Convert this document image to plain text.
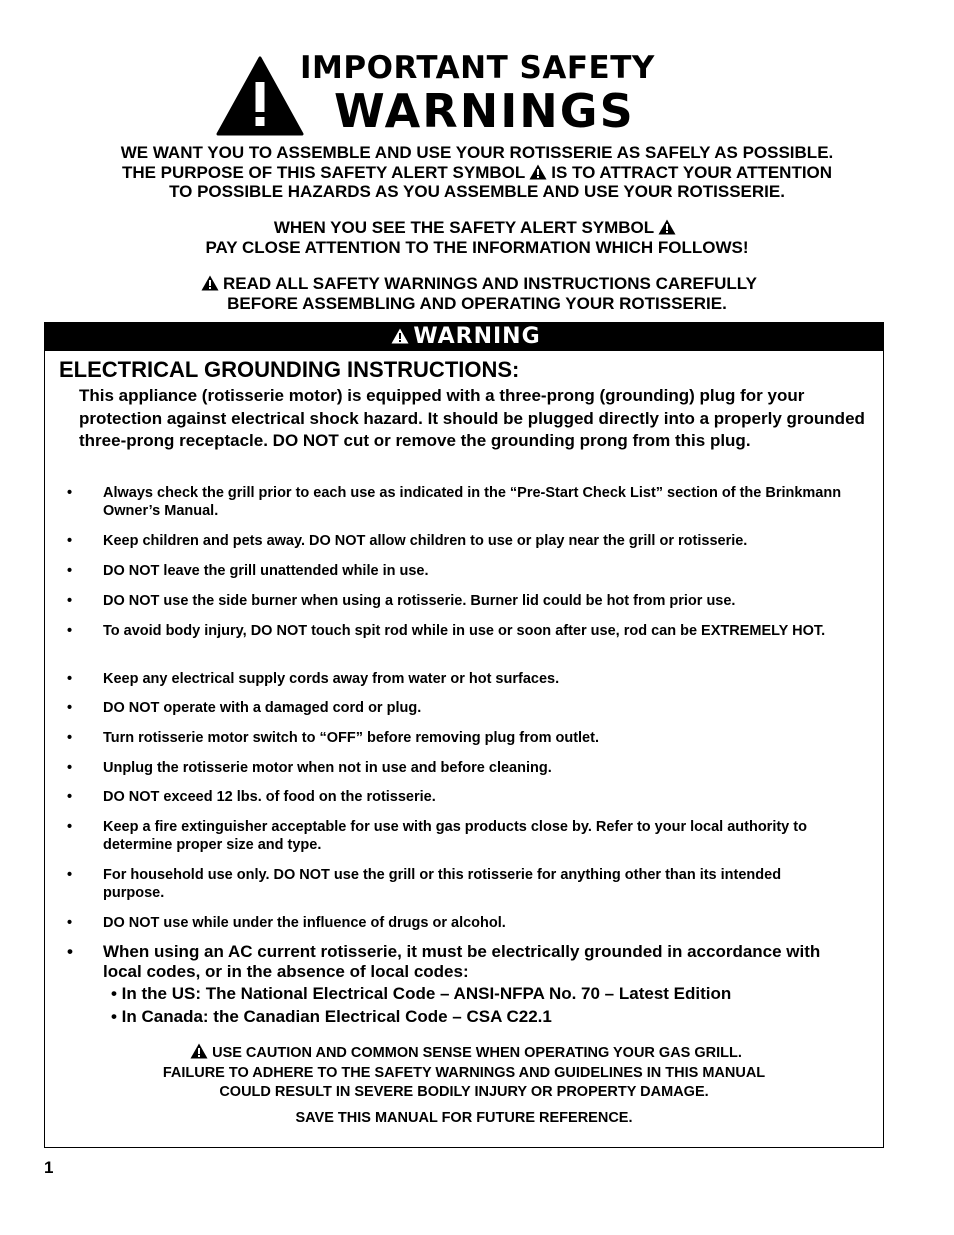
IMPORTANT SAFETY
WARNINGS
WE WANT YOU TO ASSEMBLE AND USE YOUR ROTISSERIE AS SAFELY AS POSSIBLE.
THE PURPOSE OF THIS SAFETY ALERT SYMBOL IS TO ATTRACT YOUR ATTENTION
TO POSSIBLE HAZARDS AS YOU ASSEMBLE AND USE YOUR ROTISSERIE.
WHEN YOU SEE THE SAFETY ALERT SYMBOL
PAY CLOSE ATTENTION TO THE INFORMATION WHICH FOLLOWS!
READ ALL SAFETY WARNINGS AND INSTRUCTIONS CAREFULLY
BEFORE ASSEMBLING AND OPERATING YOUR ROTISSERIE.
WARNING
ELECTRICAL GROUNDING INSTRUCTIONS:
This appliance (rotisserie motor) is equipped with a three-prong (grounding) plug for your protection against electrical shock hazard. It should be plugged directly into a properly grounded three-prong receptacle. DO NOT cut or remove the grounding prong from this plug.
• Always check the grill prior to each use as indicated in the “Pre-Start Check List” section of the Brinkmann Owner’s Manual.
• Keep children and pets away. DO NOT allow children to use or play near the grill or rotisserie.
• DO NOT leave the grill unattended while in use.
• DO NOT use the side burner when using a rotisserie. Burner lid could be hot from prior use.
• To avoid body injury, DO NOT touch spit rod while in use or soon after use, rod can be EXTREMELY HOT.
• Keep any electrical supply cords away from water or hot surfaces.
• DO NOT operate with a damaged cord or plug.
• Turn rotisserie motor switch to “OFF” before removing plug from outlet.
• Unplug the rotisserie motor when not in use and before cleaning.
• DO NOT exceed 12 lbs. of food on the rotisserie.
• Keep a fire extinguisher acceptable for use with gas products close by. Refer to your local authority to determine proper size and type.
• For household use only. DO NOT use the grill or this rotisserie for anything other than its intended purpose.
• DO NOT use while under the influence of drugs or alcohol.
• When using an AC current rotisserie, it must be electrically grounded in accordance with local codes, or in the absence of local codes:
• In the US: The National Electrical Code – ANSI-NFPA No. 70 – Latest Edition
• In Canada: the Canadian Electrical Code – CSA C22.1
USE CAUTION AND COMMON SENSE WHEN OPERATING YOUR GAS GRILL.
FAILURE TO ADHERE TO THE SAFETY WARNINGS AND GUIDELINES IN THIS MANUAL
COULD RESULT IN SEVERE BODILY INJURY OR PROPERTY DAMAGE.
SAVE THIS MANUAL FOR FUTURE REFERENCE.
1
